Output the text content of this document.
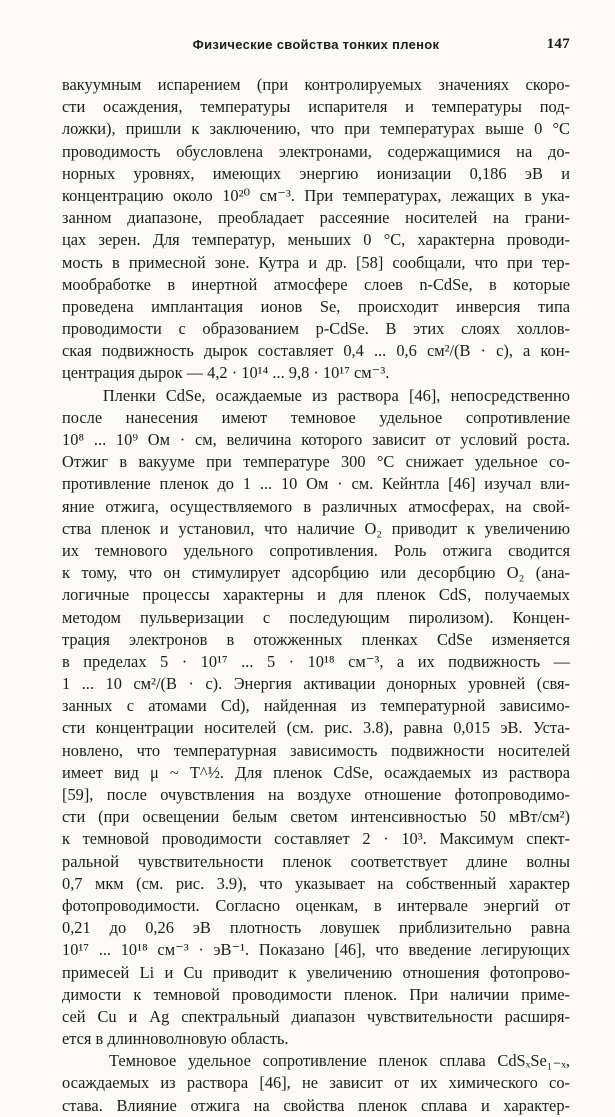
Физические свойства тонких пленок	147
вакуумным испарением (при контролируемых значениях скоро-
сти осаждения, температуры испарителя и температуры под-
ложки), пришли к заключению, что при температурах выше 0 °C
проводимость обусловлена электронами, содержащимися на до-
норных уровнях, имеющих энергию ионизации 0,186 эВ и
концентрацию около 10²⁰ см⁻³. При температурах, лежащих в ука-
занном диапазоне, преобладает рассеяние носителей на грани-
цах зерен. Для температур, меньших 0 °C, характерна проводи-
мость в примесной зоне. Кутра и др. [58] сообщали, что при тер-
мообработке в инертной атмосфере слоев n-CdSe, в которые
проведена имплантация ионов Se, происходит инверсия типа
проводимости с образованием p-CdSe. В этих слоях холлов-
ская подвижность дырок составляет 0,4 ... 0,6 см²/(В · с), а кон-
центрация дырок — 4,2 · 10¹⁴ ... 9,8 · 10¹⁷ см⁻³.
Пленки CdSe, осаждаемые из раствора [46], непосредственно
после нанесения имеют темновое удельное сопротивление
10⁸ ... 10⁹ Ом · см, величина которого зависит от условий роста.
Отжиг в вакууме при температуре 300 °C снижает удельное со-
противление пленок до 1 ... 10 Ом · см. Кейнтла [46] изучал вли-
яние отжига, осуществляемого в различных атмосферах, на свой-
ства пленок и установил, что наличие O₂ приводит к увеличению
их темнового удельного сопротивления. Роль отжига сводится
к тому, что он стимулирует адсорбцию или десорбцию O₂ (ана-
логичные процессы характерны и для пленок CdS, получаемых
методом пульверизации с последующим пиролизом). Концен-
трация электронов в отожженных пленках CdSe изменяется
в пределах 5 · 10¹⁷ ... 5 · 10¹⁸ см⁻³, а их подвижность —
1 ... 10 см²/(В · с). Энергия активации донорных уровней (свя-
занных с атомами Cd), найденная из температурной зависимо-
сти концентрации носителей (см. рис. 3.8), равна 0,015 эВ. Уста-
новлено, что температурная зависимость подвижности носителей
имеет вид μ ~ T^½. Для пленок CdSe, осаждаемых из раствора
[59], после очувствления на воздухе отношение фотопроводимо-
сти (при освещении белым светом интенсивностью 50 мВт/см²)
к темновой проводимости составляет 2 · 10³. Максимум спект-
ральной чувствительности пленок соответствует длине волны
0,7 мкм (см. рис. 3.9), что указывает на собственный характер
фотопроводимости. Согласно оценкам, в интервале энергий от
0,21 до 0,26 эВ плотность ловушек приблизительно равна
10¹⁷ ... 10¹⁸ см⁻³ · эВ⁻¹. Показано [46], что введение легирующих
примесей Li и Cu приводит к увеличению отношения фотопрово-
димости к темновой проводимости пленок. При наличии приме-
сей Cu и Ag спектральный диапазон чувствительности расширя-
ется в длинноволновую область.
Темновое удельное сопротивление пленок сплава CdSₓSe₁₋ₓ,
осаждаемых из раствора [46], не зависит от их химического со-
става. Влияние отжига на свойства пленок сплава и характер-
